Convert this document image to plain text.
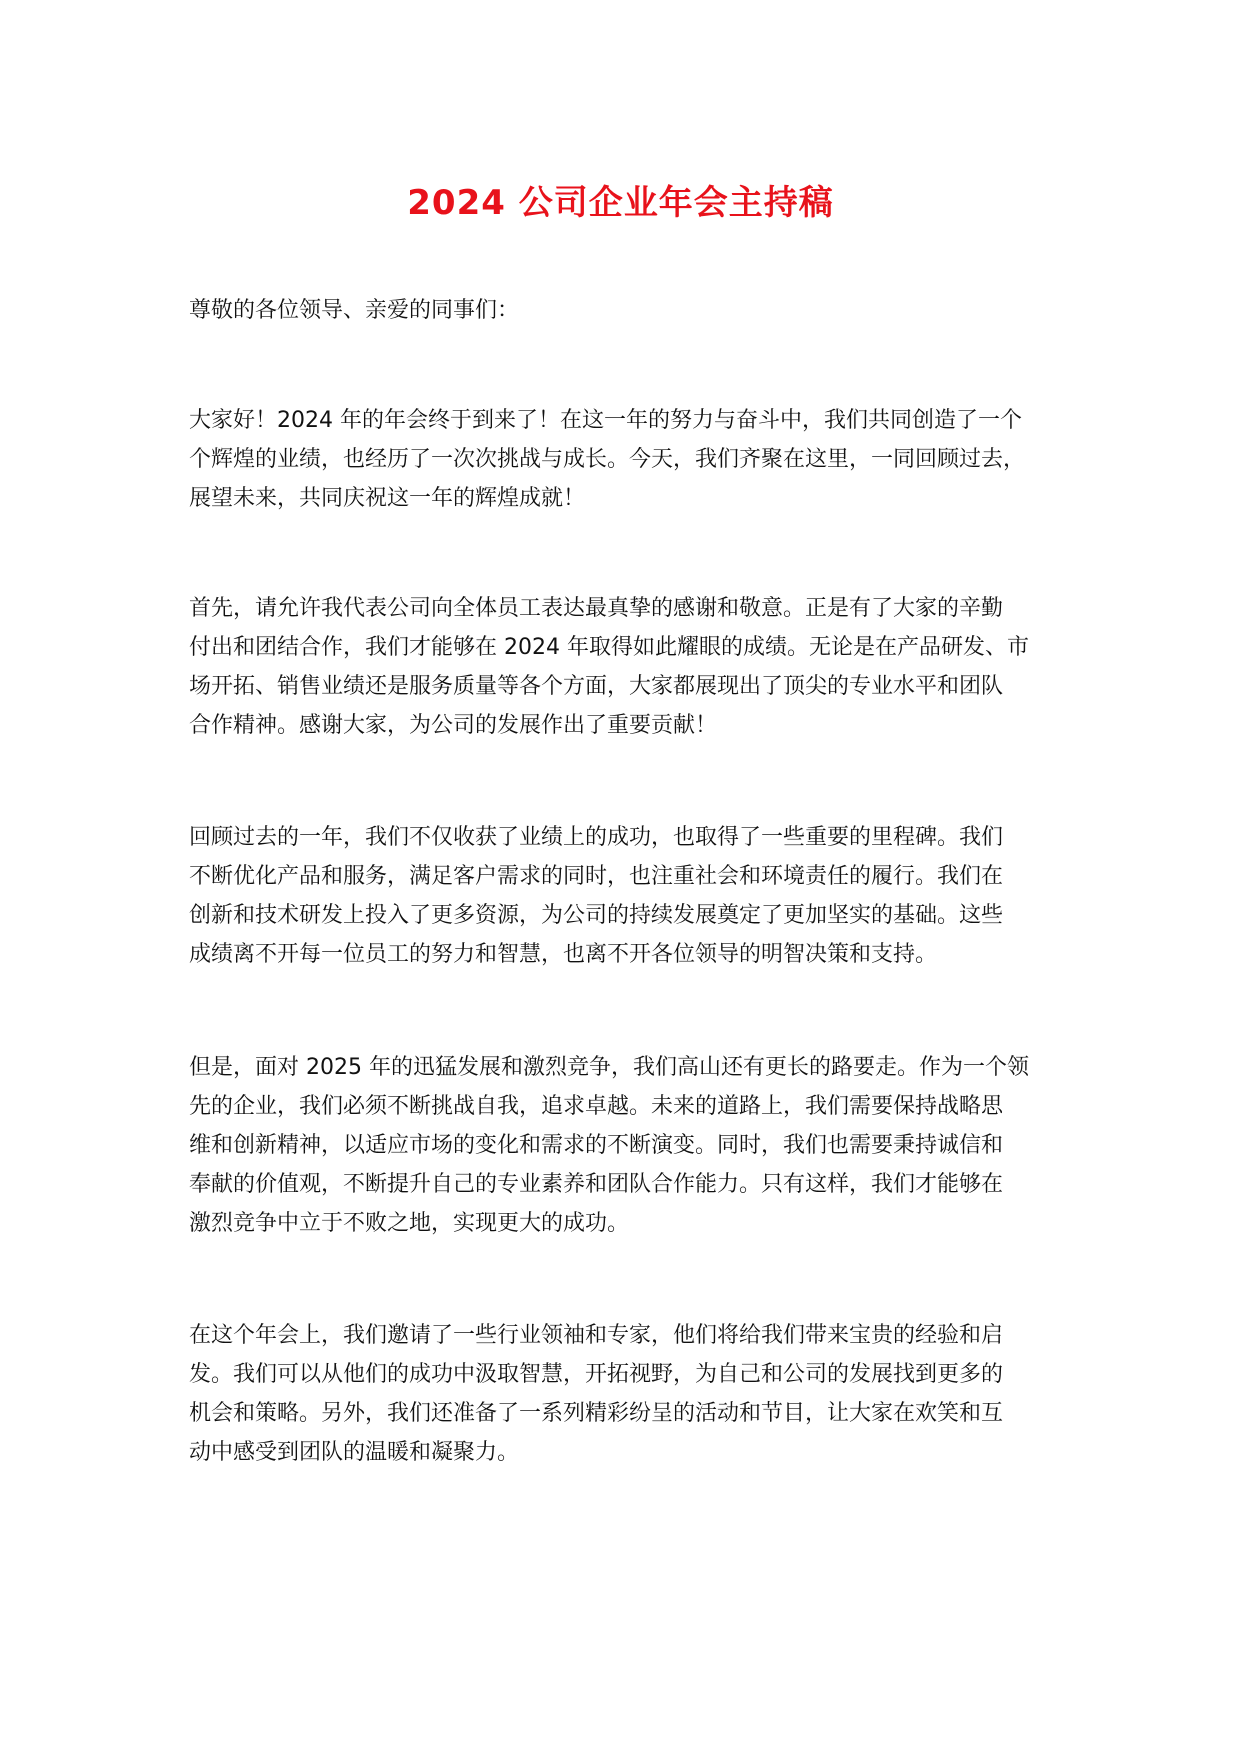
2024 公司企业年会主持稿
尊敬的各位领导、亲爱的同事们：

大家好！2024 年的年会终于到来了！在这一年的努力与奋斗中，我们共同创造了一个
个辉煌的业绩，也经历了一次次挑战与成长。今天，我们齐聚在这里，一同回顾过去，
展望未来，共同庆祝这一年的辉煌成就！

首先，请允许我代表公司向全体员工表达最真挚的感谢和敬意。正是有了大家的辛勤
付出和团结合作，我们才能够在 2024 年取得如此耀眼的成绩。无论是在产品研发、市
场开拓、销售业绩还是服务质量等各个方面，大家都展现出了顶尖的专业水平和团队
合作精神。感谢大家，为公司的发展作出了重要贡献！

回顾过去的一年，我们不仅收获了业绩上的成功，也取得了一些重要的里程碑。我们
不断优化产品和服务，满足客户需求的同时，也注重社会和环境责任的履行。我们在
创新和技术研发上投入了更多资源，为公司的持续发展奠定了更加坚实的基础。这些
成绩离不开每一位员工的努力和智慧，也离不开各位领导的明智决策和支持。

但是，面对 2025 年的迅猛发展和激烈竞争，我们高山还有更长的路要走。作为一个领
先的企业，我们必须不断挑战自我，追求卓越。未来的道路上，我们需要保持战略思
维和创新精神，以适应市场的变化和需求的不断演变。同时，我们也需要秉持诚信和
奉献的价值观，不断提升自己的专业素养和团队合作能力。只有这样，我们才能够在
激烈竞争中立于不败之地，实现更大的成功。

在这个年会上，我们邀请了一些行业领袖和专家，他们将给我们带来宝贵的经验和启
发。我们可以从他们的成功中汲取智慧，开拓视野，为自己和公司的发展找到更多的
机会和策略。另外，我们还准备了一系列精彩纷呈的活动和节目，让大家在欢笑和互
动中感受到团队的温暖和凝聚力。
